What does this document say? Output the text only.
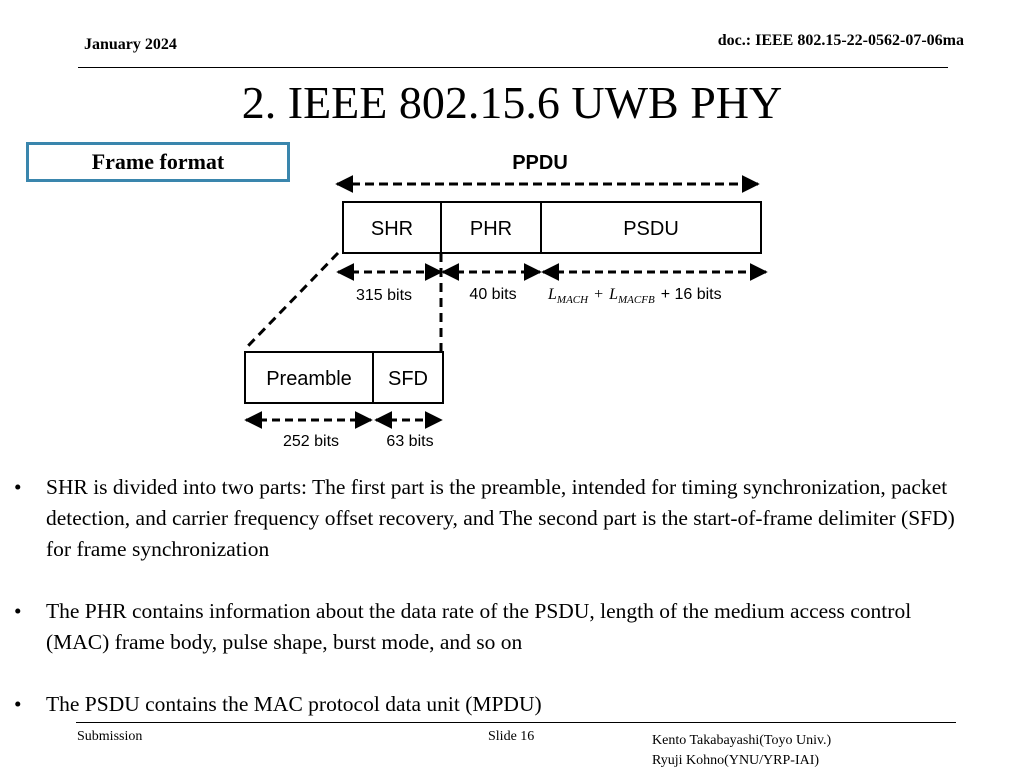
January 2024	doc.: IEEE 802.15-22-0562-07-06ma
2. IEEE 802.15.6 UWB PHY
Frame format	PPDU
SHR	PHR	PSDU
315 bits	40 bits $L_{MACH} + L_{MACFB} + 16$ bits
Preamble SFD
252 bits	63 bits
•	SHR is divided into two parts: The first part is the preamble, intended for timing synchronization, packet detection, and carrier frequency offset recovery, and The second part is the start-of-frame delimiter (SFD) for frame synchronization
•	The PHR contains information about the data rate of the PSDU, length of the medium access control (MAC) frame body, pulse shape, burst mode, and so on
•	The PSDU contains the MAC protocol data unit (MPDU)
Submission	Slide 16	Kento Takabayashi(Toyo Univ.)
Ryuji Kohno(YNU/YRP-IAI)
